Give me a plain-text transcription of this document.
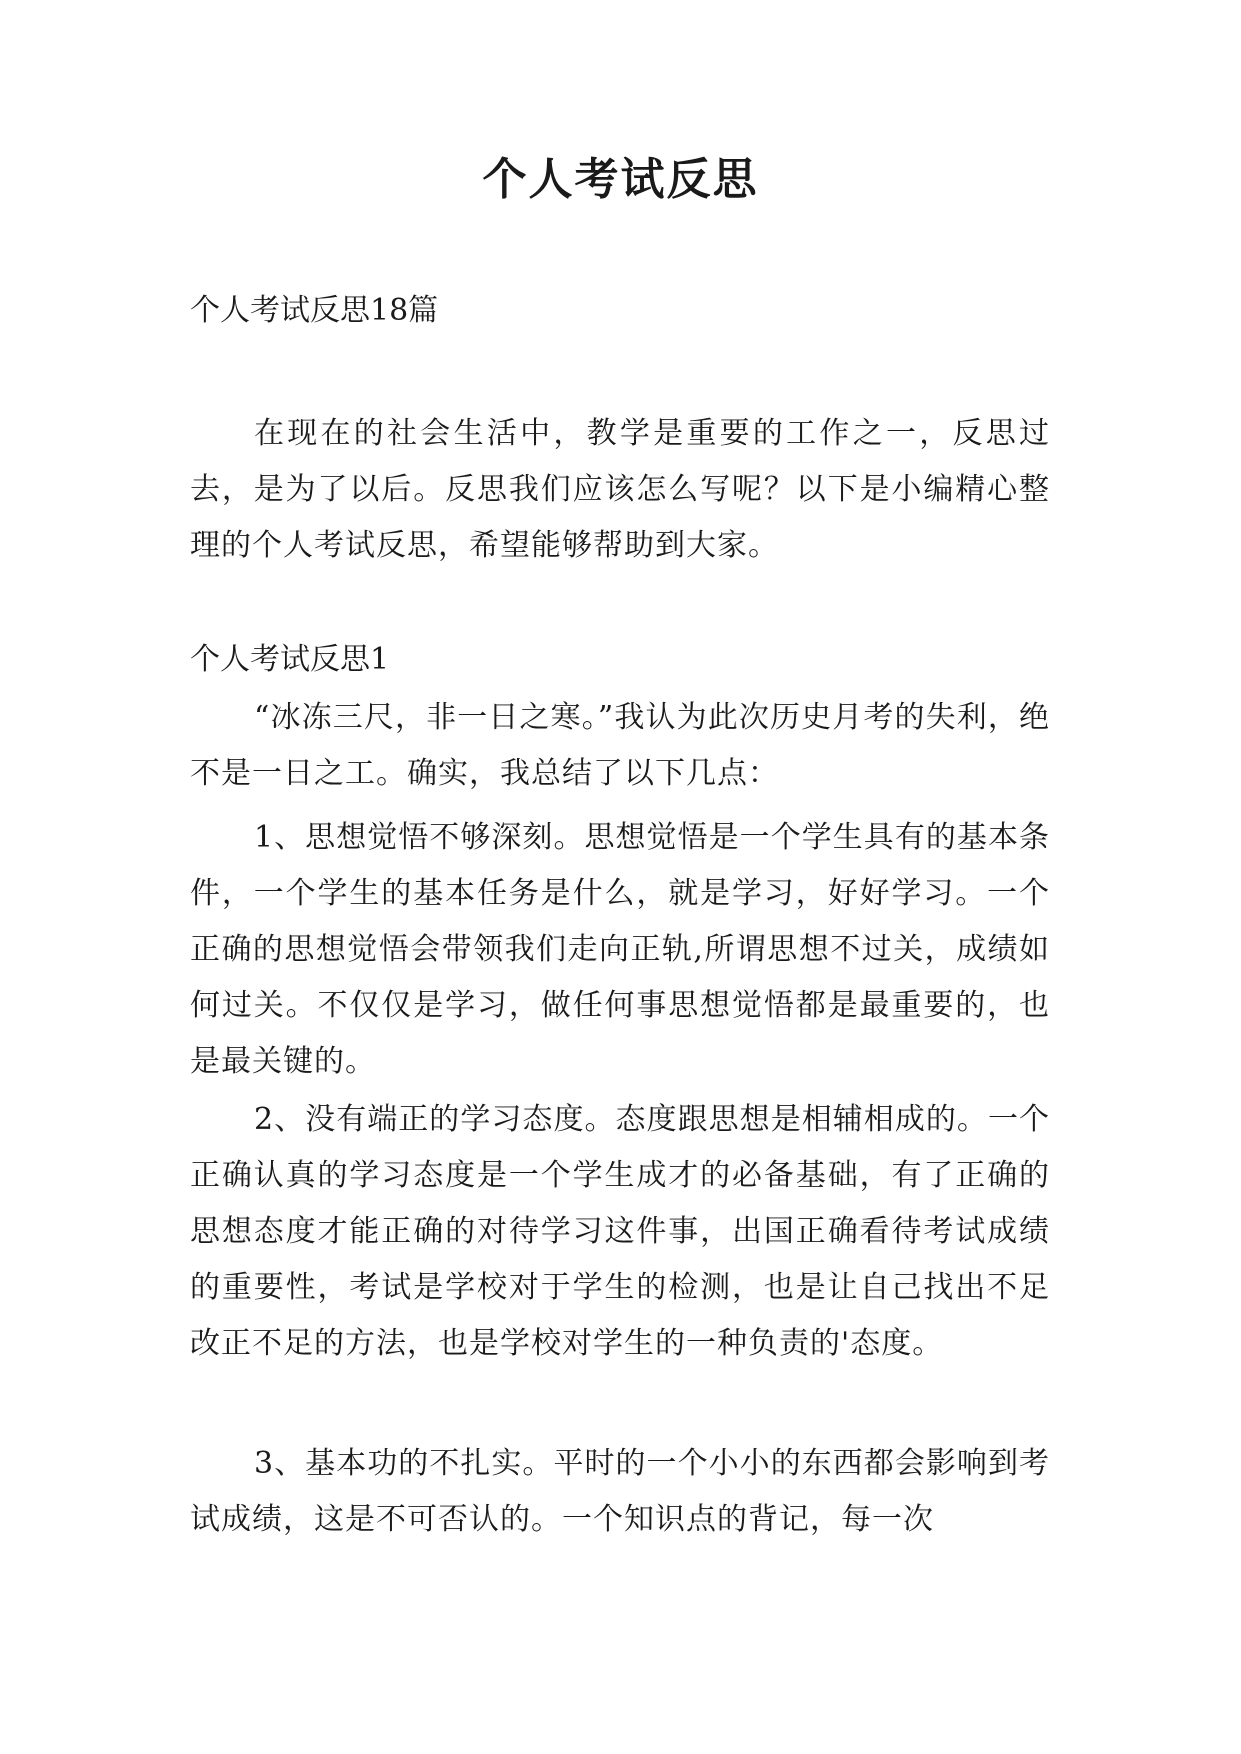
个人考试反思
个人考试反思18篇
在现在的社会生活中，教学是重要的工作之一，反思过去，是为了以后。反思我们应该怎么写呢？以下是小编精心整理的个人考试反思，希望能够帮助到大家。
个人考试反思1
“冰冻三尺，非一日之寒。”我认为此次历史月考的失利，绝不是一日之工。确实，我总结了以下几点：
1、思想觉悟不够深刻。思想觉悟是一个学生具有的基本条件，一个学生的基本任务是什么，就是学习，好好学习。一个正确的思想觉悟会带领我们走向正轨,所谓思想不过关，成绩如何过关。不仅仅是学习，做任何事思想觉悟都是最重要的，也是最关键的。
2、没有端正的学习态度。态度跟思想是相辅相成的。一个正确认真的学习态度是一个学生成才的必备基础，有了正确的思想态度才能正确的对待学习这件事，出国正确看待考试成绩的重要性，考试是学校对于学生的检测，也是让自己找出不足改正不足的方法，也是学校对学生的一种负责的'态度。
3、基本功的不扎实。平时的一个小小的东西都会影响到考试成绩，这是不可否认的。一个知识点的背记，每一次
